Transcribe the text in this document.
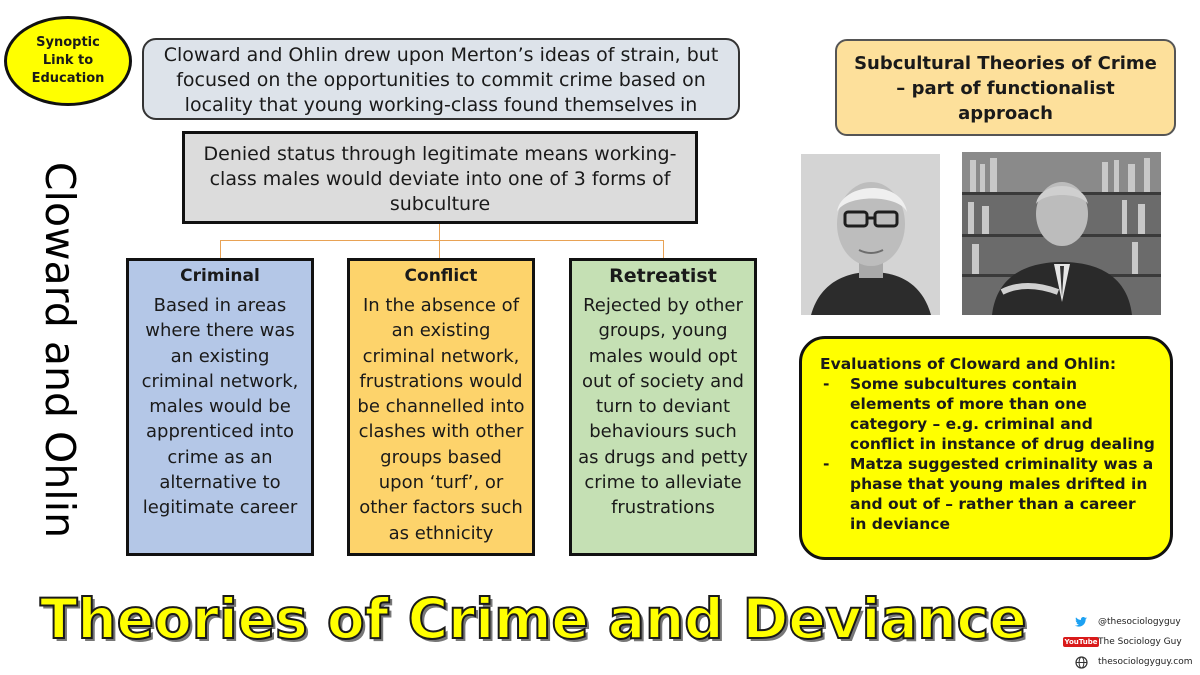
Synoptic
Link to
Education
Cloward and Ohlin drew upon Merton’s ideas of strain, but focused on the opportunities to commit crime based on locality that young working-class found themselves in
Denied status through legitimate means working-class males would deviate into one of 3 forms of subculture
Cloward and Ohlin	Criminal
Based in areas where there was an existing criminal network, males would be apprenticed into crime as an alternative to legitimate career
Conflict
In the absence of an existing criminal network, frustrations would be channelled into clashes with other groups based upon ‘turf’, or other factors such as ethnicity
Retreatist
Rejected by other groups, young males would opt out of society and turn to deviant behaviours such as drugs and petty crime to alleviate frustrations
Subcultural Theories of Crime
– part of functionalist
approach
Evaluations of Cloward and Ohlin:
- Some subcultures contain elements of more than one category – e.g. criminal and conflict in instance of drug dealing
- Matza suggested criminality was a phase that young males drifted in and out of – rather than a career in deviance
Theories of Crime and Deviance	@thesociologyguy
YouTube The Sociology Guy
thesociologyguy.com
